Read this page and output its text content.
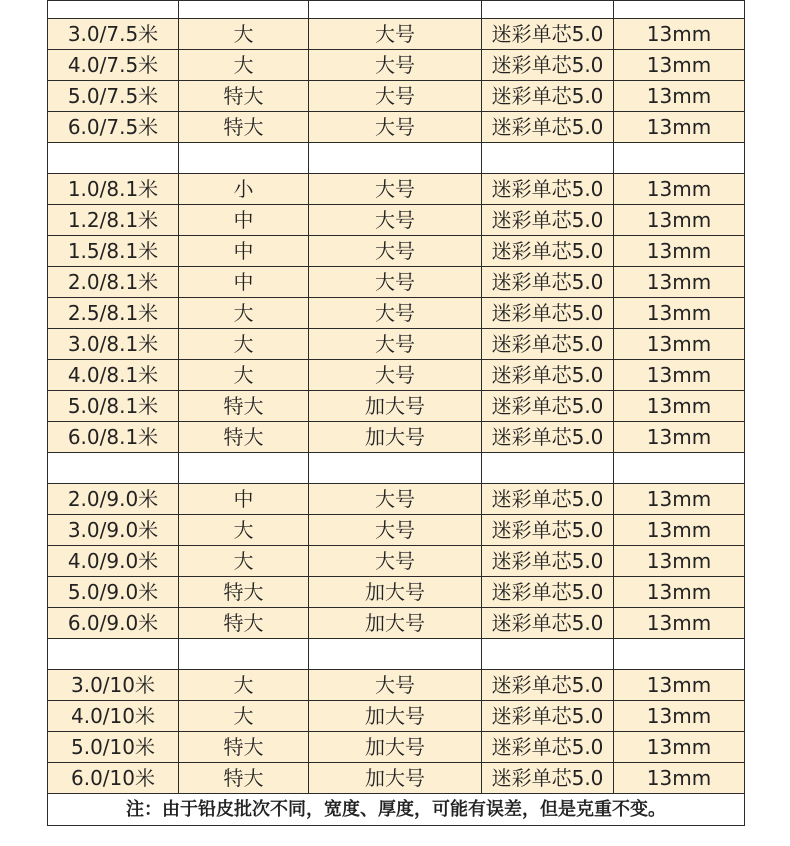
3.0/7.5米	大	大号	迷彩单芯5.0	13mm
4.0/7.5米	大	大号	迷彩单芯5.0	13mm
5.0/7.5米	特大	大号	迷彩单芯5.0	13mm
6.0/7.5米	特大	大号	迷彩单芯5.0	13mm

1.0/8.1米	小	大号	迷彩单芯5.0	13mm
1.2/8.1米	中	大号	迷彩单芯5.0	13mm
1.5/8.1米	中	大号	迷彩单芯5.0	13mm
2.0/8.1米	中	大号	迷彩单芯5.0	13mm
2.5/8.1米	大	大号	迷彩单芯5.0	13mm
3.0/8.1米	大	大号	迷彩单芯5.0	13mm
4.0/8.1米	大	大号	迷彩单芯5.0	13mm
5.0/8.1米	特大	加大号	迷彩单芯5.0	13mm
6.0/8.1米	特大	加大号	迷彩单芯5.0	13mm

2.0/9.0米	中	大号	迷彩单芯5.0	13mm
3.0/9.0米	大	大号	迷彩单芯5.0	13mm
4.0/9.0米	大	大号	迷彩单芯5.0	13mm
5.0/9.0米	特大	加大号	迷彩单芯5.0	13mm
6.0/9.0米	特大	加大号	迷彩单芯5.0	13mm

3.0/10米	大	大号	迷彩单芯5.0	13mm
4.0/10米	大	加大号	迷彩单芯5.0	13mm
5.0/10米	特大	加大号	迷彩单芯5.0	13mm
6.0/10米	特大	加大号	迷彩单芯5.0	13mm
注：由于铅皮批次不同，宽度、厚度，可能有误差，但是克重不变。				
